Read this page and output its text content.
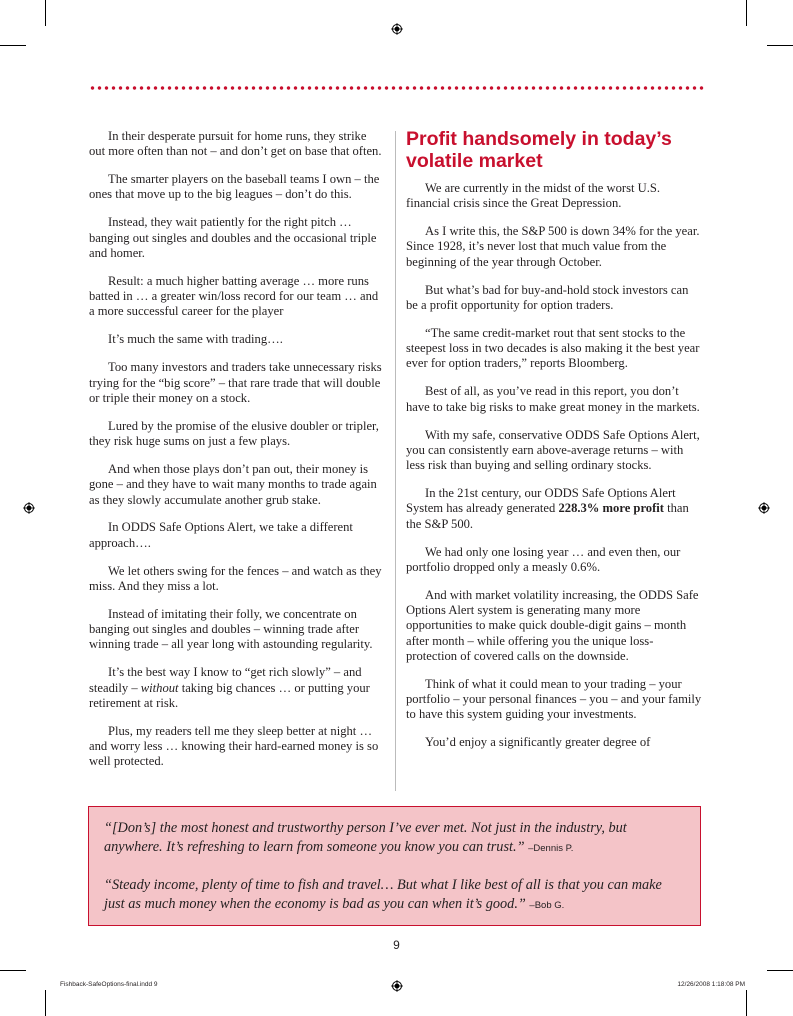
In their desperate pursuit for home runs, they strike out more often than not – and don’t get on base that often.

The smarter players on the baseball teams I own – the ones that move up to the big leagues – don’t do this.

Instead, they wait patiently for the right pitch … banging out singles and doubles and the occasional triple and homer.

Result: a much higher batting average … more runs batted in … a greater win/loss record for our team … and a more successful career for the player

It’s much the same with trading….

Too many investors and traders take unnecessary risks trying for the “big score” – that rare trade that will double or triple their money on a stock.

Lured by the promise of the elusive doubler or tripler, they risk huge sums on just a few plays.

And when those plays don’t pan out, their money is gone – and they have to wait many months to trade again as they slowly accumulate another grub stake.

In ODDS Safe Options Alert, we take a different approach….

We let others swing for the fences – and watch as they miss. And they miss a lot.

Instead of imitating their folly, we concentrate on banging out singles and doubles – winning trade after winning trade – all year long with astounding regularity.

It’s the best way I know to “get rich slowly” – and steadily – without taking big chances … or putting your retirement at risk.

Plus, my readers tell me they sleep better at night … and worry less … knowing their hard-earned money is so well protected.

Profit handsomely in today’s volatile market

We are currently in the midst of the worst U.S. financial crisis since the Great Depression.

As I write this, the S&P 500 is down 34% for the year. Since 1928, it’s never lost that much value from the beginning of the year through October.

But what’s bad for buy-and-hold stock investors can be a profit opportunity for option traders.

“The same credit-market rout that sent stocks to the steepest loss in two decades is also making it the best year ever for option traders,” reports Bloomberg.

Best of all, as you’ve read in this report, you don’t have to take big risks to make great money in the markets.

With my safe, conservative ODDS Safe Options Alert, you can consistently earn above-average returns – with less risk than buying and selling ordinary stocks.

In the 21st century, our ODDS Safe Options Alert System has already generated 228.3% more profit than the S&P 500.

We had only one losing year … and even then, our portfolio dropped only a measly 0.6%.

And with market volatility increasing, the ODDS Safe Options Alert system is generating many more opportunities to make quick double-digit gains – month after month – while offering you the unique loss-protection of covered calls on the downside.

Think of what it could mean to your trading – your portfolio – your personal finances – you – and your family to have this system guiding your investments.

You’d enjoy a significantly greater degree of

“[Don’s] the most honest and trustworthy person I’ve ever met. Not just in the industry, but anywhere. It’s refreshing to learn from someone you know you can trust.” –Dennis P.

“Steady income, plenty of time to fish and travel… But what I like best of all is that you can make just as much money when the economy is bad as you can when it’s good.” –Bob G.

9
Fishback-SafeOptions-final.indd 9	12/26/2008 1:18:08 PM
